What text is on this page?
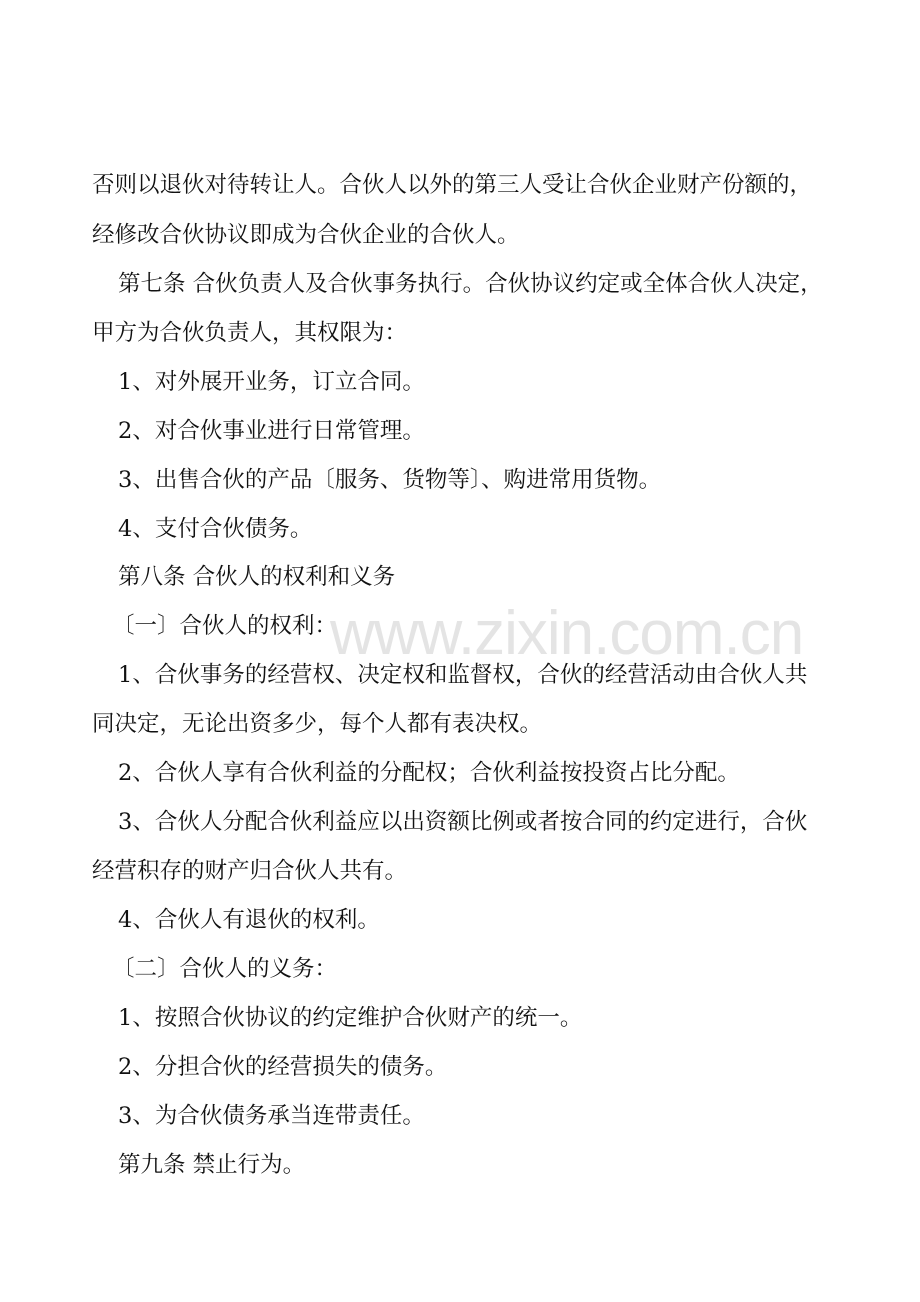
否则以退伙对待转让人。合伙人以外的第三人受让合伙企业财产份额的，
经修改合伙协议即成为合伙企业的合伙人。
第七条 合伙负责人及合伙事务执行。合伙协议约定或全体合伙人决定，
甲方为合伙负责人，其权限为：
1、对外展开业务，订立合同。
2、对合伙事业进行日常管理。
3、出售合伙的产品〔服务、货物等〕、购进常用货物。
4、支付合伙债务。
第八条 合伙人的权利和义务
〔一〕合伙人的权利：
1、合伙事务的经营权、决定权和监督权，合伙的经营活动由合伙人共
同决定，无论出资多少，每个人都有表决权。
2、合伙人享有合伙利益的分配权；合伙利益按投资占比分配。
3、合伙人分配合伙利益应以出资额比例或者按合同的约定进行，合伙
经营积存的财产归合伙人共有。
4、合伙人有退伙的权利。
〔二〕合伙人的义务：
1、按照合伙协议的约定维护合伙财产的统一。
2、分担合伙的经营损失的债务。
3、为合伙债务承当连带责任。
第九条 禁止行为。
www.zixin.com.cn
